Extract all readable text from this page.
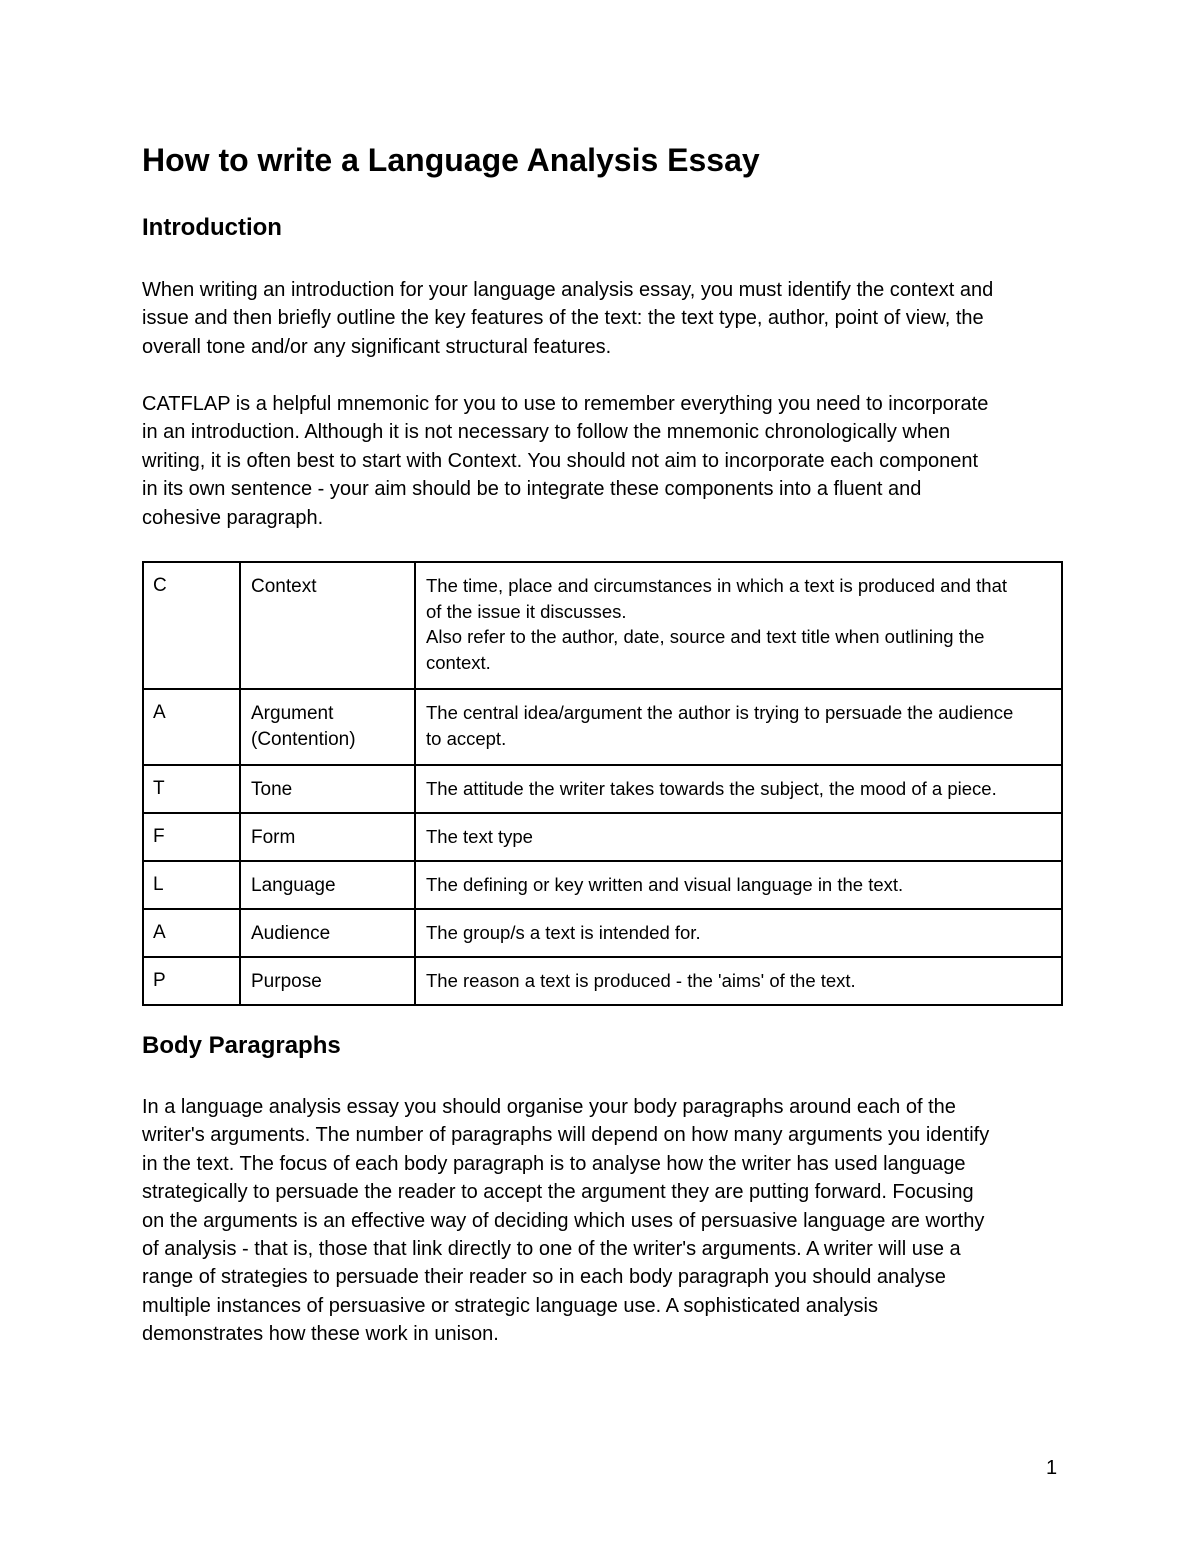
How to write a Language Analysis Essay
Introduction

When writing an introduction for your language analysis essay, you must identify the context and
issue and then briefly outline the key features of the text: the text type, author, point of view, the
overall tone and/or any significant structural features.

CATFLAP is a helpful mnemonic for you to use to remember everything you need to incorporate
in an introduction. Although it is not necessary to follow the mnemonic chronologically when
writing, it is often best to start with Context. You should not aim to incorporate each component
in its own sentence - your aim should be to integrate these components into a fluent and
cohesive paragraph.

C	Context	The time, place and circumstances in which a text is produced and that
of the issue it discusses.
Also refer to the author, date, source and text title when outlining the
context.

A	Argument
(Contention)	The central idea/argument the author is trying to persuade the audience
to accept.

T	Tone	The attitude the writer takes towards the subject, the mood of a piece.

F	Form	The text type

L	Language	The defining or key written and visual language in the text.

A	Audience	The group/s a text is intended for.

P	Purpose	The reason a text is produced - the 'aims' of the text.
Body Paragraphs

In a language analysis essay you should organise your body paragraphs around each of the
writer's arguments. The number of paragraphs will depend on how many arguments you identify
in the text. The focus of each body paragraph is to analyse how the writer has used language
strategically to persuade the reader to accept the argument they are putting forward. Focusing
on the arguments is an effective way of deciding which uses of persuasive language are worthy
of analysis - that is, those that link directly to one of the writer's arguments. A writer will use a
range of strategies to persuade their reader so in each body paragraph you should analyse
multiple instances of persuasive or strategic language use. A sophisticated analysis
demonstrates how these work in unison.

1
